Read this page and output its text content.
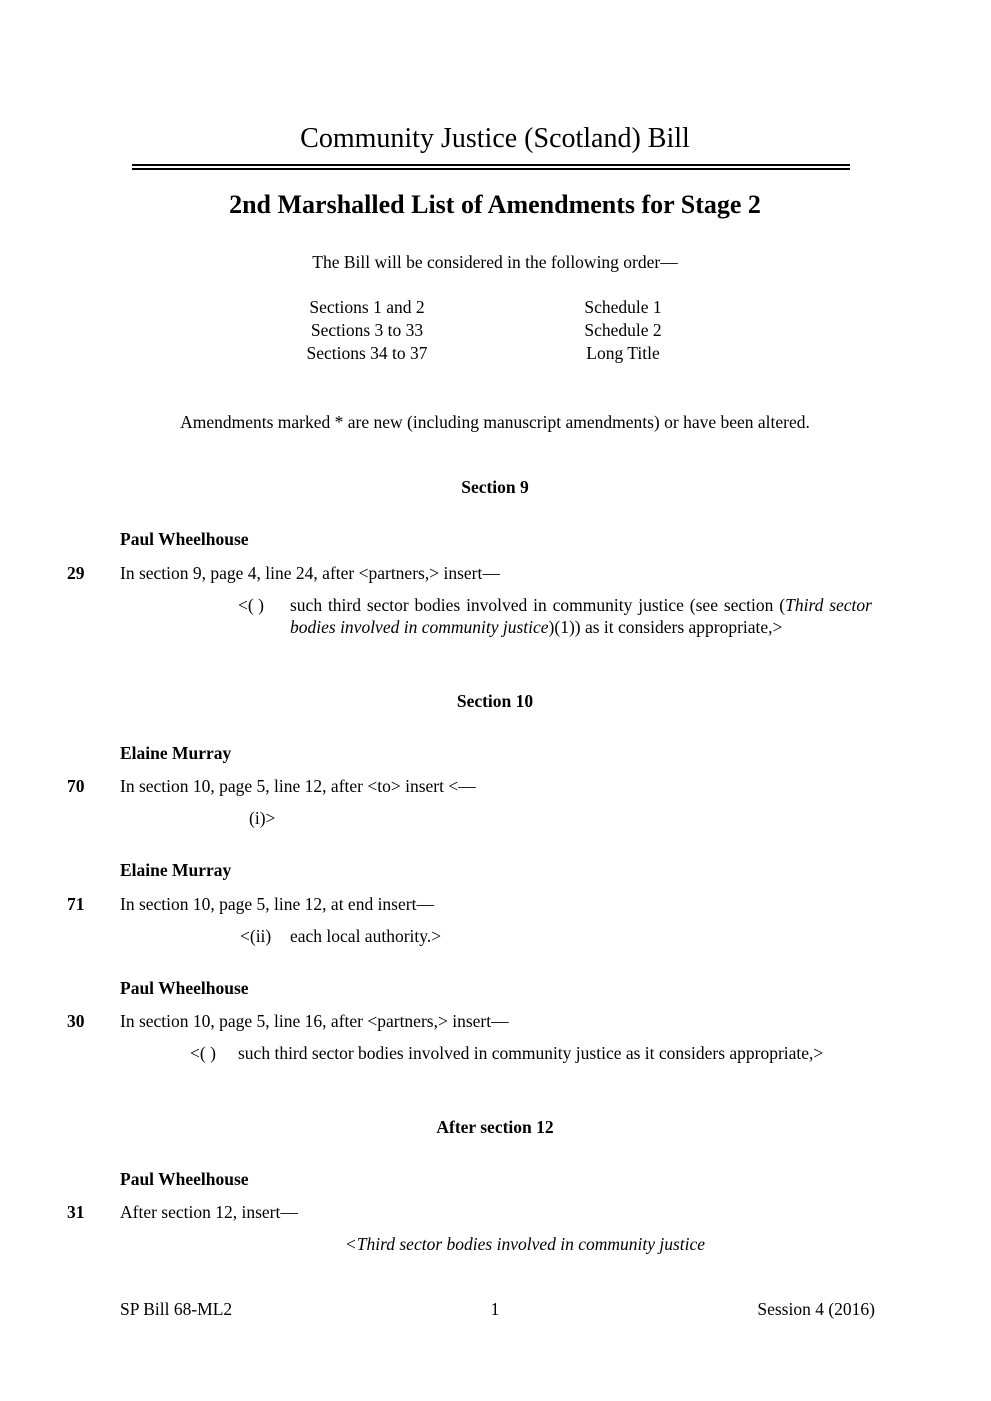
Community Justice (Scotland) Bill
2nd Marshalled List of Amendments for Stage 2
The Bill will be considered in the following order—
Sections 1 and 2
Sections 3 to 33
Sections 34 to 37
Schedule 1
Schedule 2
Long Title
Amendments marked * are new (including manuscript amendments) or have been altered.
Section 9
Paul Wheelhouse
29 In section 9, page 4, line 24, after <partners,> insert—
<( ) such third sector bodies involved in community justice (see section (Third sector bodies involved in community justice)(1)) as it considers appropriate,>
Section 10
Elaine Murray
70 In section 10, page 5, line 12, after <to> insert <—
(i)>
Elaine Murray
71 In section 10, page 5, line 12, at end insert—
<(ii) each local authority.>
Paul Wheelhouse
30 In section 10, page 5, line 16, after <partners,> insert—
<( ) such third sector bodies involved in community justice as it considers appropriate,>
After section 12
Paul Wheelhouse
31 After section 12, insert—
<Third sector bodies involved in community justice
SP Bill 68-ML2	1	Session 4 (2016)
